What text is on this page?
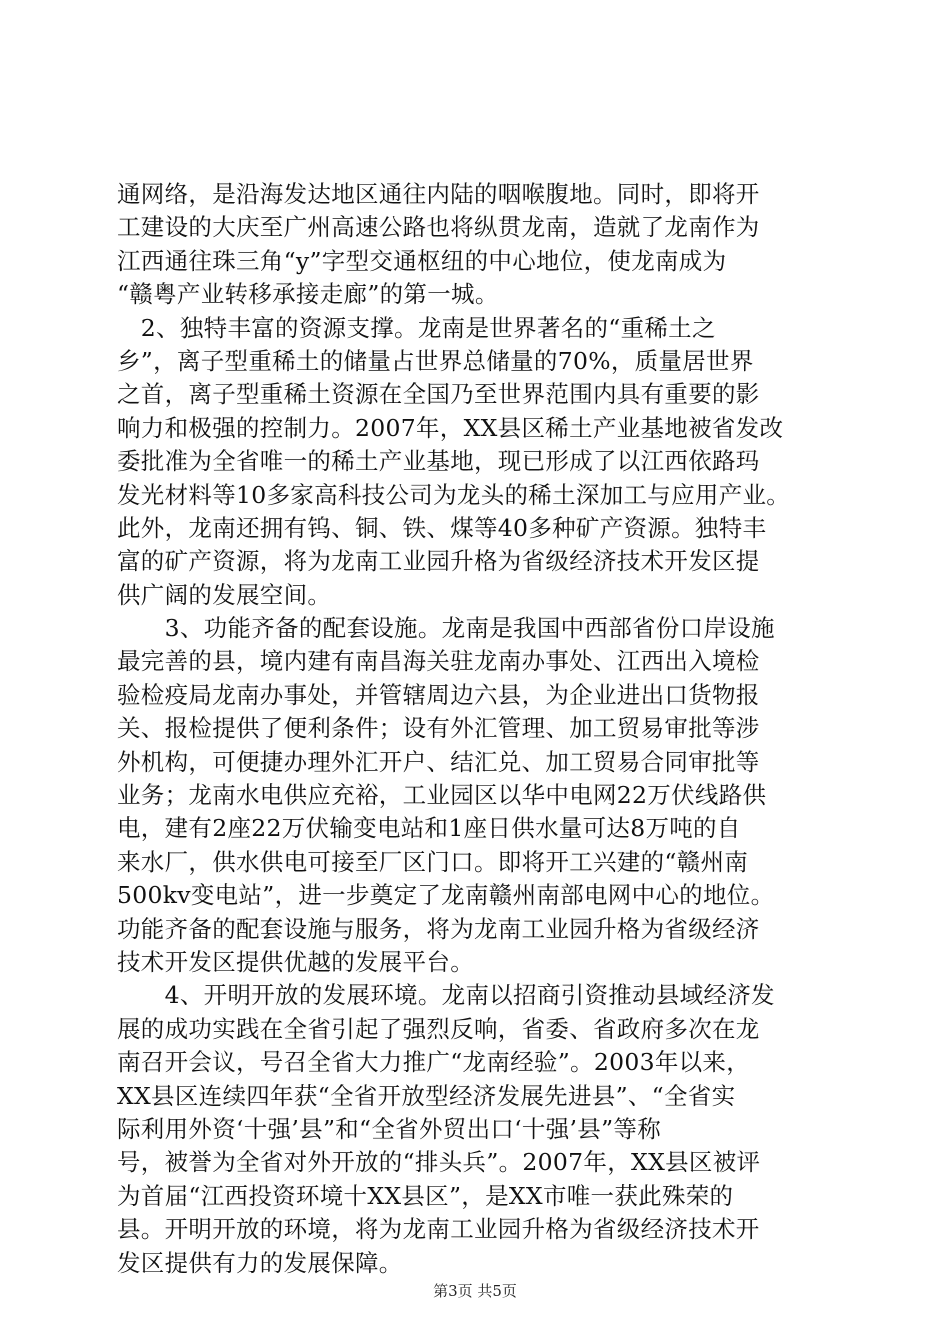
通网络，是沿海发达地区通往内陆的咽喉腹地。同时，即将开
工建设的大庆至广州高速公路也将纵贯龙南，造就了龙南作为
江西通往珠三角“y”字型交通枢纽的中心地位，使龙南成为
“赣粤产业转移承接走廊”的第一城。
　2、独特丰富的资源支撑。龙南是世界著名的“重稀土之
乡”，离子型重稀土的储量占世界总储量的70%，质量居世界
之首，离子型重稀土资源在全国乃至世界范围内具有重要的影
响力和极强的控制力。2007年，XX县区稀土产业基地被省发改
委批准为全省唯一的稀土产业基地，现已形成了以江西依路玛
发光材料等10多家高科技公司为龙头的稀土深加工与应用产业。
此外，龙南还拥有钨、铜、铁、煤等40多种矿产资源。独特丰
富的矿产资源，将为龙南工业园升格为省级经济技术开发区提
供广阔的发展空间。
　　3、功能齐备的配套设施。龙南是我国中西部省份口岸设施
最完善的县，境内建有南昌海关驻龙南办事处、江西出入境检
验检疫局龙南办事处，并管辖周边六县，为企业进出口货物报
关、报检提供了便利条件；设有外汇管理、加工贸易审批等涉
外机构，可便捷办理外汇开户、结汇兑、加工贸易合同审批等
业务；龙南水电供应充裕，工业园区以华中电网22万伏线路供
电，建有2座22万伏输变电站和1座日供水量可达8万吨的自
来水厂，供水供电可接至厂区门口。即将开工兴建的“赣州南
500kv变电站”，进一步奠定了龙南赣州南部电网中心的地位。
功能齐备的配套设施与服务，将为龙南工业园升格为省级经济
技术开发区提供优越的发展平台。
　　4、开明开放的发展环境。龙南以招商引资推动县域经济发
展的成功实践在全省引起了强烈反响，省委、省政府多次在龙
南召开会议，号召全省大力推广“龙南经验”。2003年以来，
XX县区连续四年获“全省开放型经济发展先进县”、“全省实
际利用外资‘十强’县”和“全省外贸出口‘十强’县”等称
号，被誉为全省对外开放的“排头兵”。2007年，XX县区被评
为首届“江西投资环境十XX县区”，是XX市唯一获此殊荣的
县。开明开放的环境，将为龙南工业园升格为省级经济技术开
发区提供有力的发展保障。
第3页 共5页
